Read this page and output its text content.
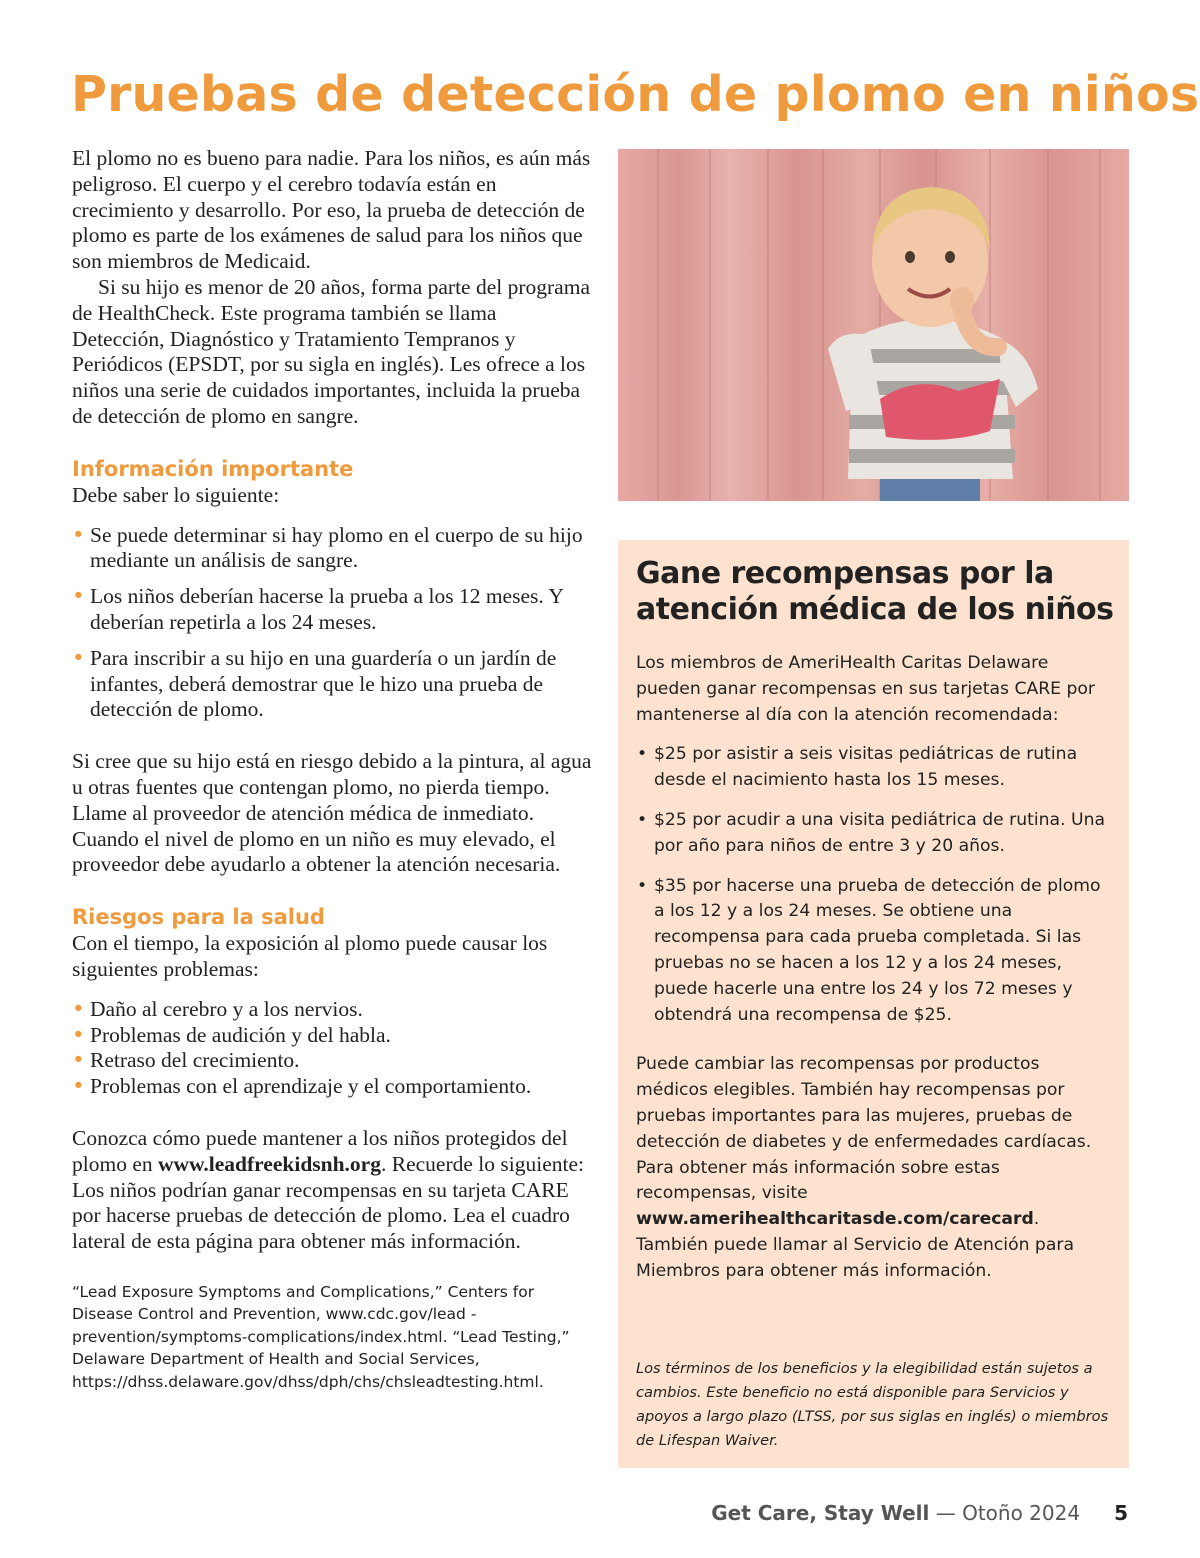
Pruebas de detección de plomo en niños

El plomo no es bueno para nadie. Para los niños, es aún más peligroso. El cuerpo y el cerebro todavía están en crecimiento y desarrollo. Por eso, la prueba de detección de plomo es parte de los exámenes de salud para los niños que son miembros de Medicaid.

Si su hijo es menor de 20 años, forma parte del programa de HealthCheck. Este programa también se llama Detección, Diagnóstico y Tratamiento Tempranos y Periódicos (EPSDT, por su sigla en inglés). Les ofrece a los niños una serie de cuidados importantes, incluida la prueba de detección de plomo en sangre.

Información importante

Debe saber lo siguiente:

• Se puede determinar si hay plomo en el cuerpo de su hijo mediante un análisis de sangre.
• Los niños deberían hacerse la prueba a los 12 meses. Y deberían repetirla a los 24 meses.
• Para inscribir a su hijo en una guardería o un jardín de infantes, deberá demostrar que le hizo una prueba de detección de plomo.

Si cree que su hijo está en riesgo debido a la pintura, al agua u otras fuentes que contengan plomo, no pierda tiempo. Llame al proveedor de atención médica de inmediato. Cuando el nivel de plomo en un niño es muy elevado, el proveedor debe ayudarlo a obtener la atención necesaria.

Riesgos para la salud

Con el tiempo, la exposición al plomo puede causar los siguientes problemas:

• Daño al cerebro y a los nervios.
• Problemas de audición y del habla.
• Retraso del crecimiento.
• Problemas con el aprendizaje y el comportamiento.

Conozca cómo puede mantener a los niños protegidos del plomo en www.leadfreekidsnh.org. Recuerde lo siguiente: Los niños podrían ganar recompensas en su tarjeta CARE por hacerse pruebas de detección de plomo. Lea el cuadro lateral de esta página para obtener más información.

“Lead Exposure Symptoms and Complications,” Centers for Disease Control and Prevention, www.cdc.gov/lead -prevention/symptoms-complications/index.html. “Lead Testing,” Delaware Department of Health and Social Services, https://dhss.delaware.gov/dhss/dph/chs/chsleadtesting.html.

Gane recompensas por la atención médica de los niños

Los miembros de AmeriHealth Caritas Delaware pueden ganar recompensas en sus tarjetas CARE por mantenerse al día con la atención recomendada:

• $25 por asistir a seis visitas pediátricas de rutina desde el nacimiento hasta los 15 meses.
• $25 por acudir a una visita pediátrica de rutina. Una por año para niños de entre 3 y 20 años.
• $35 por hacerse una prueba de detección de plomo a los 12 y a los 24 meses. Se obtiene una recompensa para cada prueba completada. Si las pruebas no se hacen a los 12 y a los 24 meses, puede hacerle una entre los 24 y los 72 meses y obtendrá una recompensa de $25.

Puede cambiar las recompensas por productos médicos elegibles. También hay recompensas por pruebas importantes para las mujeres, pruebas de detección de diabetes y de enfermedades cardíacas. Para obtener más información sobre estas recompensas, visite www.amerihealthcaritasde.com/carecard. También puede llamar al Servicio de Atención para Miembros para obtener más información.

Los términos de los beneficios y la elegibilidad están sujetos a cambios. Este beneficio no está disponible para Servicios y apoyos a largo plazo (LTSS, por sus siglas en inglés) o miembros de Lifespan Waiver.

Get Care, Stay Well — Otoño 2024 5
